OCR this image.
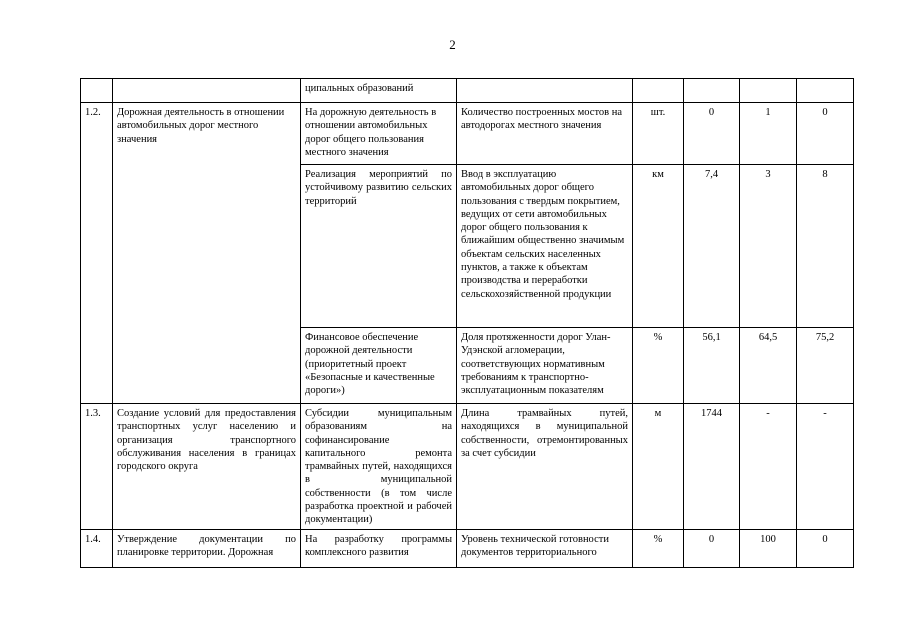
2
		ципальных образований					
1.2.	Дорожная деятельность в отношении автомобильных дорог местного значения	На дорожную деятельность в отношении автомобильных дорог общего пользования местного значения	Количество построенных мостов на автодорогах местного значения	шт.	0	1	0
		Реализация мероприятий по устойчивому развитию сельских территорий	Ввод в эксплуатацию автомобильных дорог общего пользования с твердым покрытием, ведущих от сети автомобильных дорог общего пользования к ближайшим общественно значимым объектам сельских населенных пунктов, а также к объектам производства и переработки сельскохозяйственной продукции	км	7,4	3	8
		Финансовое обеспечение дорожной деятельности (приоритетный проект «Безопасные и качественные дороги»)	Доля протяженности дорог Улан-Удэнской агломерации, соответствующих нормативным требованиям к транспортно-эксплуатационным показателям	%	56,1	64,5	75,2
1.3.	Создание условий для предоставления транспортных услуг населению и организация транспортного обслуживания населения в границах городского округа	Субсидии муниципальным образованиям на софинансирование капитального ремонта трамвайных путей, находящихся в муниципальной собственности (в том числе разработка проектной и рабочей документации)	Длина трамвайных путей, находящихся в муниципальной собственности, отремонтированных за счет субсидии	м	1744	-	-
1.4.	Утверждение документации по планировке территории. Дорожная	На разработку программы комплексного развития	Уровень технической готовности документов территориального	%	0	100	0
